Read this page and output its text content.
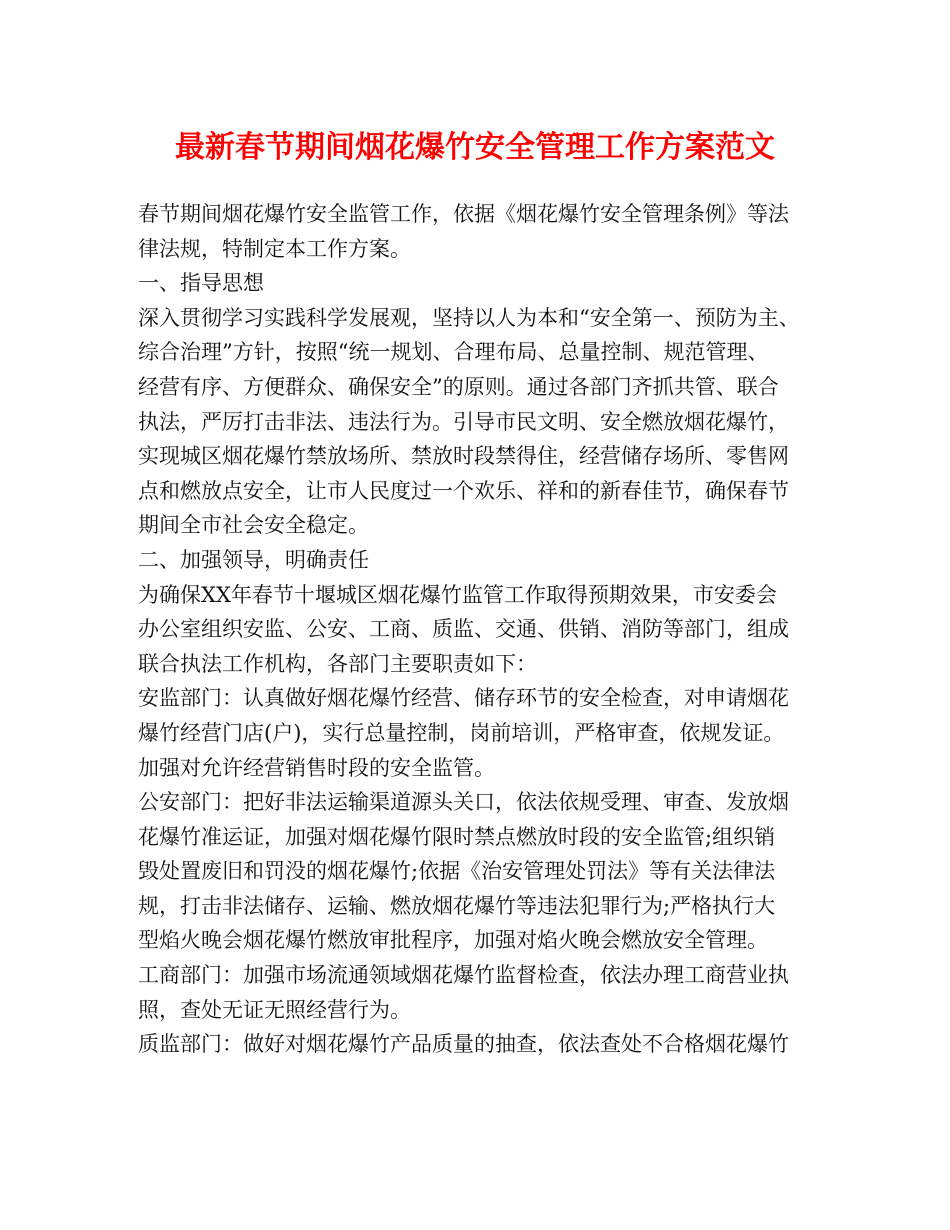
最新春节期间烟花爆竹安全管理工作方案范文
春节期间烟花爆竹安全监管工作，依据《烟花爆竹安全管理条例》等法
律法规，特制定本工作方案。
一、指导思想
深入贯彻学习实践科学发展观，坚持以人为本和“安全第一、预防为主、
综合治理”方针，按照“统一规划、合理布局、总量控制、规范管理、
经营有序、方便群众、确保安全”的原则。通过各部门齐抓共管、联合
执法，严厉打击非法、违法行为。引导市民文明、安全燃放烟花爆竹，
实现城区烟花爆竹禁放场所、禁放时段禁得住，经营储存场所、零售网
点和燃放点安全，让市人民度过一个欢乐、祥和的新春佳节，确保春节
期间全市社会安全稳定。
二、加强领导，明确责任
为确保XX年春节十堰城区烟花爆竹监管工作取得预期效果，市安委会
办公室组织安监、公安、工商、质监、交通、供销、消防等部门，组成
联合执法工作机构，各部门主要职责如下：
安监部门：认真做好烟花爆竹经营、储存环节的安全检查，对申请烟花
爆竹经营门店(户)，实行总量控制，岗前培训，严格审查，依规发证。
加强对允许经营销售时段的安全监管。
公安部门：把好非法运输渠道源头关口，依法依规受理、审查、发放烟
花爆竹准运证，加强对烟花爆竹限时禁点燃放时段的安全监管;组织销
毁处置废旧和罚没的烟花爆竹;依据《治安管理处罚法》等有关法律法
规，打击非法储存、运输、燃放烟花爆竹等违法犯罪行为;严格执行大
型焰火晚会烟花爆竹燃放审批程序，加强对焰火晚会燃放安全管理。
工商部门：加强市场流通领域烟花爆竹监督检查，依法办理工商营业执
照，查处无证无照经营行为。
质监部门：做好对烟花爆竹产品质量的抽查，依法查处不合格烟花爆竹
